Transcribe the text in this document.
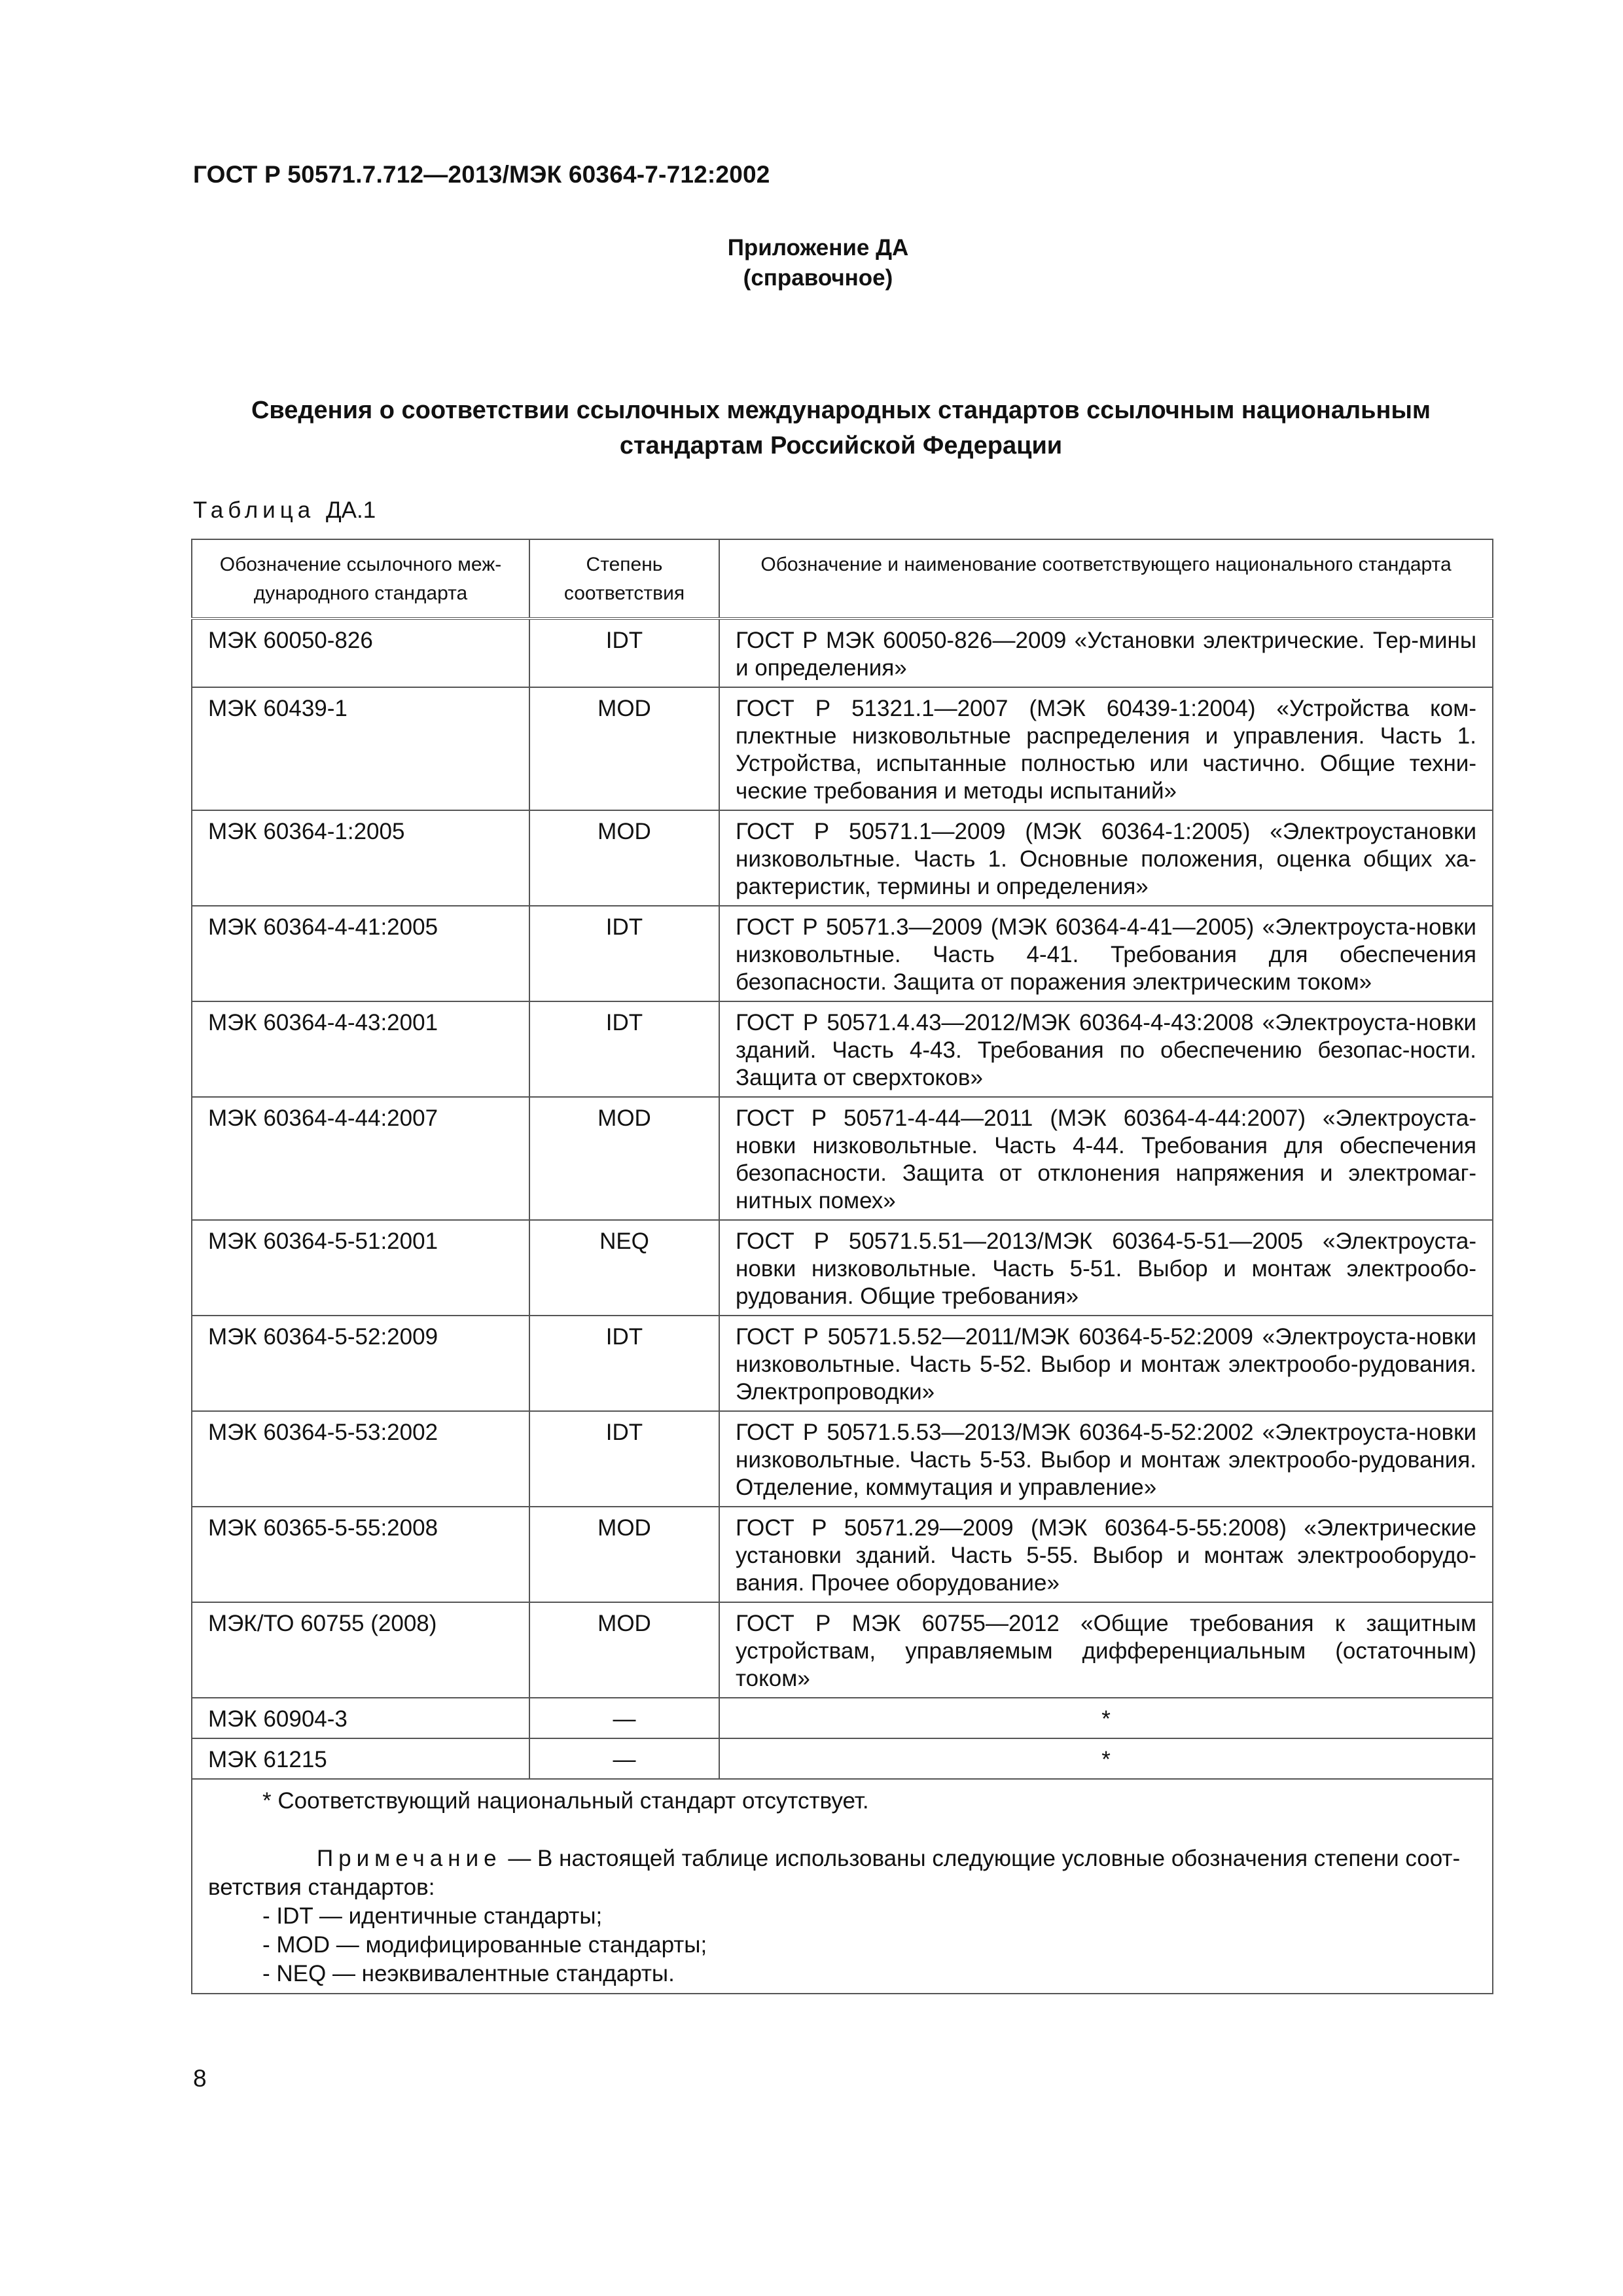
ГОСТ Р 50571.7.712—2013/МЭК 60364-7-712:2002
Приложение ДА
(справочное)
Сведения о соответствии ссылочных международных стандартов ссылочным национальным
стандартам Российской Федерации
Таблица ДА.1
Обозначение ссылочного меж-дународного стандарта	Степень соответствия	Обозначение и наименование соответствующего национального стандарта
МЭК 60050-826	IDT	ГОСТ Р МЭК 60050-826—2009 «Установки электрические. Тер-мины и определения»
МЭК 60439-1	MOD	ГОСТ Р 51321.1—2007 (МЭК 60439-1:2004) «Устройства ком-плектные низковольтные распределения и управления. Часть 1. Устройства, испытанные полностью или частично. Общие техни-ческие требования и методы испытаний»
МЭК 60364-1:2005	MOD	ГОСТ Р 50571.1—2009 (МЭК 60364-1:2005) «Электроустановки низковольтные. Часть 1. Основные положения, оценка общих ха-рактеристик, термины и определения»
МЭК 60364-4-41:2005	IDT	ГОСТ Р 50571.3—2009 (МЭК 60364-4-41—2005) «Электроуста-новки низковольтные. Часть 4-41. Требования для обеспечения безопасности. Защита от поражения электрическим током»
МЭК 60364-4-43:2001	IDT	ГОСТ Р 50571.4.43—2012/МЭК 60364-4-43:2008 «Электроуста-новки зданий. Часть 4-43. Требования по обеспечению безопас-ности. Защита от сверхтоков»
МЭК 60364-4-44:2007	MOD	ГОСТ Р 50571-4-44—2011 (МЭК 60364-4-44:2007) «Электроуста-новки низковольтные. Часть 4-44. Требования для обеспечения безопасности. Защита от отклонения напряжения и электромаг-нитных помех»
МЭК 60364-5-51:2001	NEQ	ГОСТ Р 50571.5.51—2013/МЭК 60364-5-51—2005 «Электроуста-новки низковольтные. Часть 5-51. Выбор и монтаж электрообо-рудования. Общие требования»
МЭК 60364-5-52:2009	IDT	ГОСТ Р 50571.5.52—2011/МЭК 60364-5-52:2009 «Электроуста-новки низковольтные. Часть 5-52. Выбор и монтаж электрообо-рудования. Электропроводки»
МЭК 60364-5-53:2002	IDT	ГОСТ Р 50571.5.53—2013/МЭК 60364-5-52:2002 «Электроуста-новки низковольтные. Часть 5-53. Выбор и монтаж электрообо-рудования. Отделение, коммутация и управление»
МЭК 60365-5-55:2008	MOD	ГОСТ Р 50571.29—2009 (МЭК 60364-5-55:2008) «Электрические установки зданий. Часть 5-55. Выбор и монтаж электрооборудо-вания. Прочее оборудование»
МЭК/ТО 60755 (2008)	MOD	ГОСТ Р МЭК 60755—2012 «Общие требования к защитным устройствам, управляемым дифференциальным (остаточным) током»
МЭК 60904-3	—	*
МЭК 61215	—	*

* Соответствующий национальный стандарт отсутствует.
Примечание — В настоящей таблице использованы следующие условные обозначения степени соот-ветствия стандартов:
- IDT — идентичные стандарты;
- MOD — модифицированные стандарты;
- NEQ — неэквивалентные стандарты.		
8
